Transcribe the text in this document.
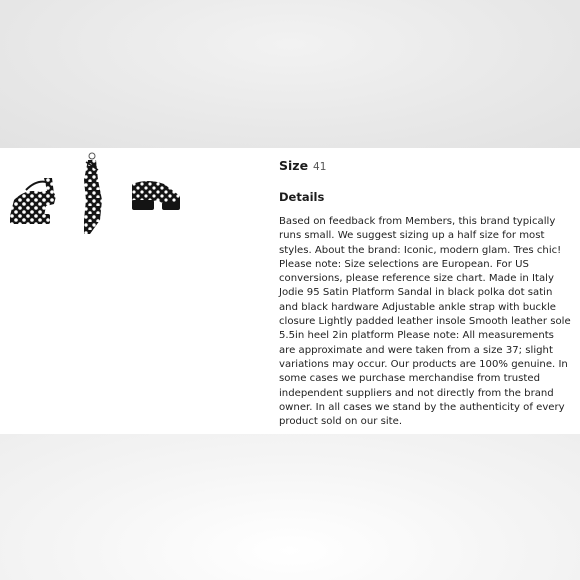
Size 41
Details
Based on feedback from Members, this brand typically runs small. We suggest sizing up a half size for most styles. About the brand: Iconic, modern glam. Tres chic! Please note: Size selections are European. For US conversions, please reference size chart. Made in Italy Jodie 95 Satin Platform Sandal in black polka dot satin and black hardware Adjustable ankle strap with buckle closure Lightly padded leather insole Smooth leather sole 5.5in heel 2in platform Please note: All measurements are approximate and were taken from a size 37; slight variations may occur. Our products are 100% genuine. In some cases we purchase merchandise from trusted independent suppliers and not directly from the brand owner. In all cases we stand by the authenticity of every product sold on our site.
